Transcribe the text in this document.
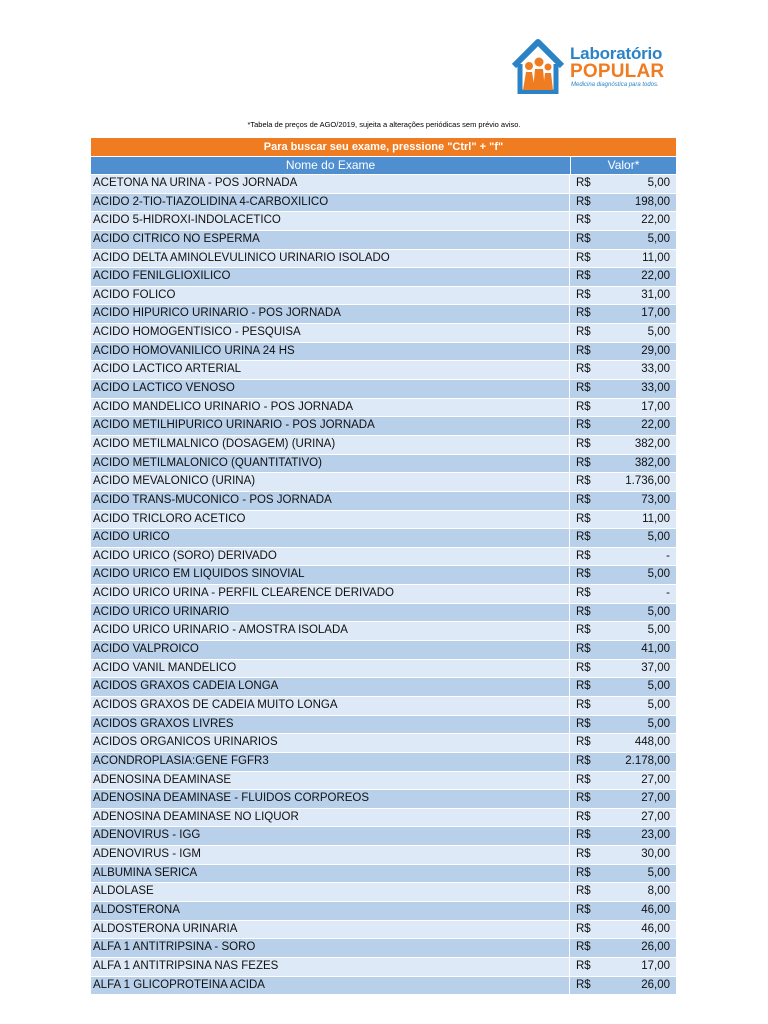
Laboratório
POPULAR
Medicina diagnóstica para todos.
*Tabela de preços de AGO/2019, sujeita a alterações periódicas sem prévio aviso.
Para buscar seu exame, pressione "Ctrl" + "f"
Nome do Exame	Valor*
ACETONA NA URINA - POS JORNADA	R$	5,00
ACIDO 2-TIO-TIAZOLIDINA 4-CARBOXILICO	R$	198,00
ACIDO 5-HIDROXI-INDOLACETICO	R$	22,00
ACIDO CITRICO NO ESPERMA	R$	5,00
ACIDO DELTA AMINOLEVULINICO URINARIO ISOLADO	R$	11,00
ACIDO FENILGLIOXILICO	R$	22,00
ACIDO FOLICO	R$	31,00
ACIDO HIPURICO URINARIO - POS JORNADA	R$	17,00
ACIDO HOMOGENTISICO - PESQUISA	R$	5,00
ACIDO HOMOVANILICO URINA 24 HS	R$	29,00
ACIDO LACTICO ARTERIAL	R$	33,00
ACIDO LACTICO VENOSO	R$	33,00
ACIDO MANDELICO URINARIO - POS JORNADA	R$	17,00
ACIDO METILHIPURICO URINARIO - POS JORNADA	R$	22,00
ACIDO METILMALNICO (DOSAGEM) (URINA)	R$	382,00
ACIDO METILMALONICO (QUANTITATIVO)	R$	382,00
ACIDO MEVALONICO (URINA)	R$	1.736,00
ACIDO TRANS-MUCONICO - POS JORNADA	R$	73,00
ACIDO TRICLORO ACETICO	R$	11,00
ACIDO URICO	R$	5,00
ACIDO URICO (SORO) DERIVADO	R$	-
ACIDO URICO EM LIQUIDOS SINOVIAL	R$	5,00
ACIDO URICO URINA - PERFIL CLEARENCE DERIVADO	R$	-
ACIDO URICO URINARIO	R$	5,00
ACIDO URICO URINARIO - AMOSTRA ISOLADA	R$	5,00
ACIDO VALPROICO	R$	41,00
ACIDO VANIL MANDELICO	R$	37,00
ACIDOS GRAXOS CADEIA LONGA	R$	5,00
ACIDOS GRAXOS DE CADEIA MUITO LONGA	R$	5,00
ACIDOS GRAXOS LIVRES	R$	5,00
ACIDOS ORGANICOS URINARIOS	R$	448,00
ACONDROPLASIA:GENE FGFR3	R$	2.178,00
ADENOSINA DEAMINASE	R$	27,00
ADENOSINA DEAMINASE - FLUIDOS CORPOREOS	R$	27,00
ADENOSINA DEAMINASE NO LIQUOR	R$	27,00
ADENOVIRUS - IGG	R$	23,00
ADENOVIRUS - IGM	R$	30,00
ALBUMINA SERICA	R$	5,00
ALDOLASE	R$	8,00
ALDOSTERONA	R$	46,00
ALDOSTERONA URINARIA	R$	46,00
ALFA 1 ANTITRIPSINA - SORO	R$	26,00
ALFA 1 ANTITRIPSINA NAS FEZES	R$	17,00
ALFA 1 GLICOPROTEINA ACIDA	R$	26,00
